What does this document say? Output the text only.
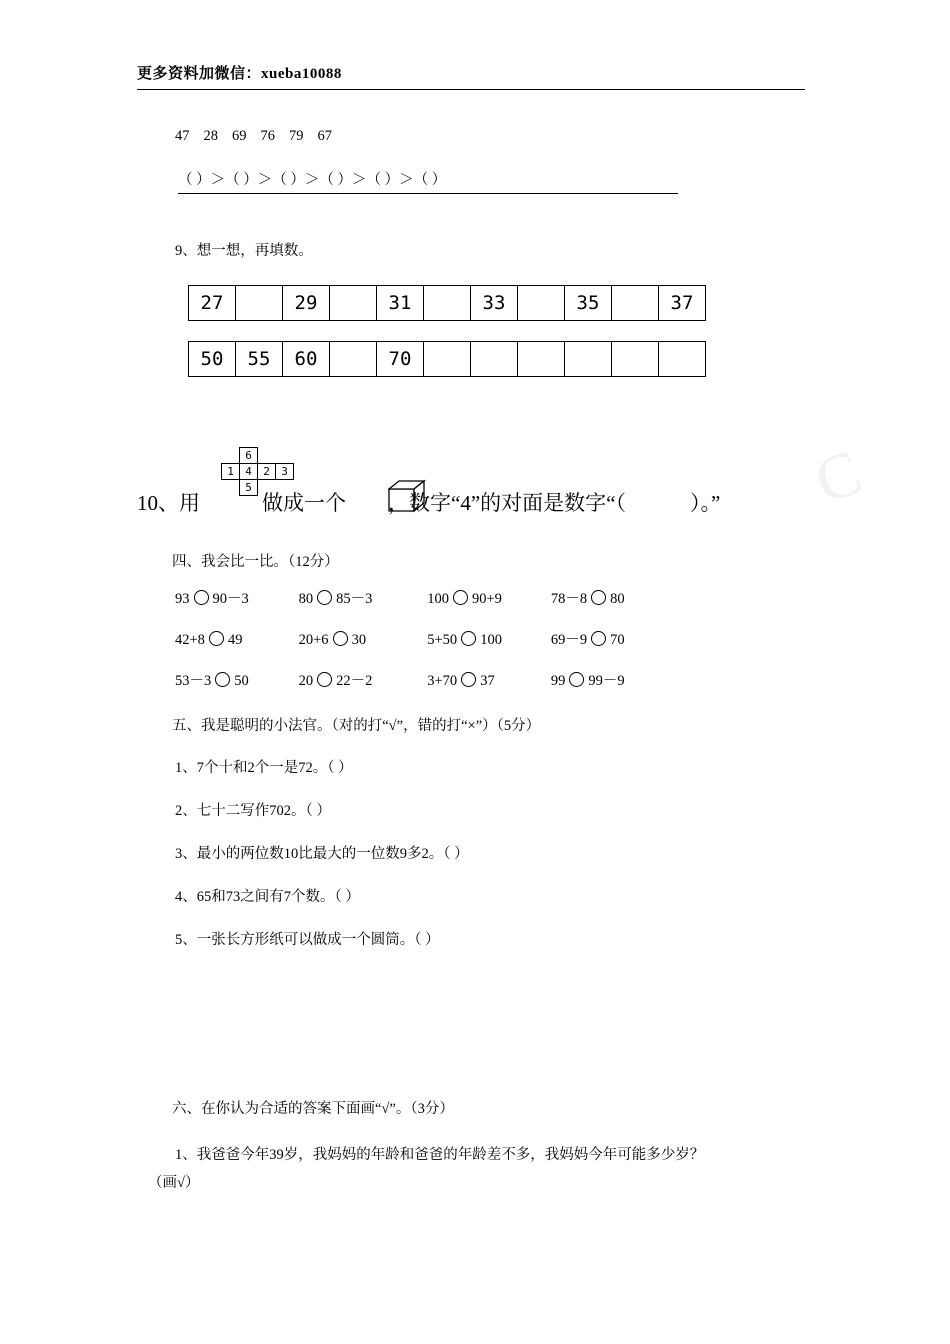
更多资料加微信：xueba10088
C
47 28 69 76 79 67
（ ）＞（ ）＞（ ）＞（ ）＞（ ）＞（ ）
9、想一想，再填数。
27		29		31		33		35		37
50	55	60		70						
	6		
1	4	2	3
	5		
10、用	做成一个 ，数字“4”的对面是数字“（	）。”
四、我会比一比。（12分）
93 90－3	80 85－3	100 90+9	78－8 80
42+8 49	20+6 30	5+50 100	69－9 70
53－3 50	20 22－2	3+70 37	99 99－9
五、我是聪明的小法官。（对的打“√”，错的打“×”）（5分）
1、7个十和2个一是72。（ ）
2、七十二写作702。（ ）
3、最小的两位数10比最大的一位数9多2。（ ）
4、65和73之间有7个数。（ ）
5、一张长方形纸可以做成一个圆筒。（ ）
六、在你认为合适的答案下面画“√”。（3分）
1、我爸爸今年39岁，我妈妈的年龄和爸爸的年龄差不多，我妈妈今年可能多少岁？
（画√）
